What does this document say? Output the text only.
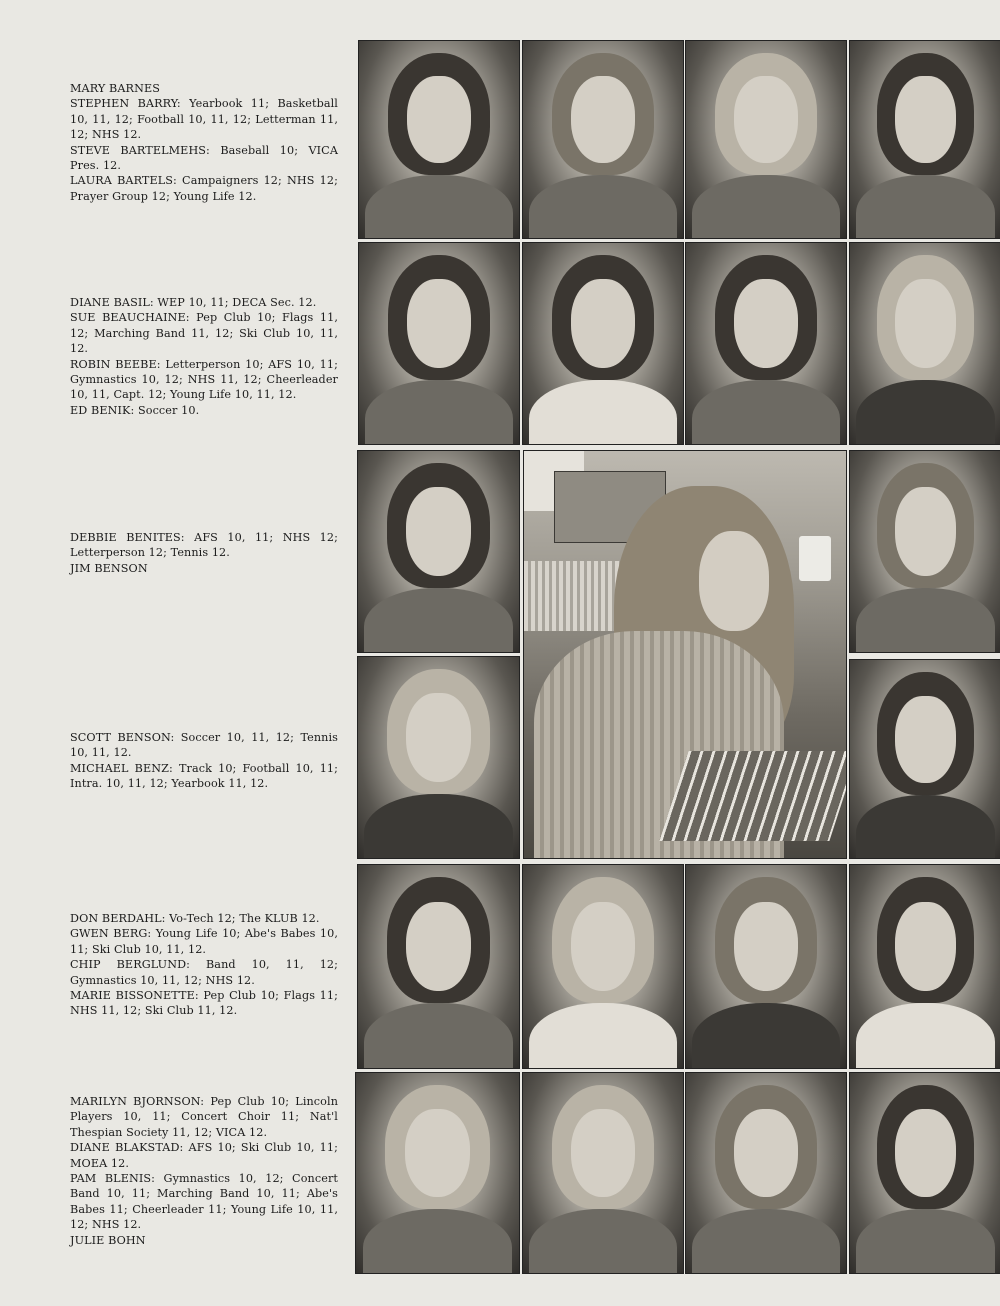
MARY BARNES

STEPHEN BARRY: Yearbook 11; Basketball 10, 11, 12; Football 10, 11, 12; Letterman 11, 12; NHS 12.

STEVE BARTELMEHS: Baseball 10; VICA Pres. 12.

LAURA BARTELS: Campaigners 12; NHS 12; Prayer Group 12; Young Life 12.

DIANE BASIL: WEP 10, 11; DECA Sec. 12.

SUE BEAUCHAINE: Pep Club 10; Flags 11, 12; Marching Band 11, 12; Ski Club 10, 11, 12.

ROBIN BEEBE: Letterperson 10; AFS 10, 11; Gymnastics 10, 12; NHS 11, 12; Cheerleader 10, 11, Capt. 12; Young Life 10, 11, 12.

ED BENIK: Soccer 10.

DEBBIE BENITES: AFS 10, 11; NHS 12; Letterperson 12; Tennis 12.

JIM BENSON

SCOTT BENSON: Soccer 10, 11, 12; Tennis 10, 11, 12.

MICHAEL BENZ: Track 10; Football 10, 11; Intra. 10, 11, 12; Yearbook 11, 12.

DON BERDAHL: Vo-Tech 12; The KLUB 12.

GWEN BERG: Young Life 10; Abe's Babes 10, 11; Ski Club 10, 11, 12.

CHIP BERGLUND: Band 10, 11, 12; Gymnastics 10, 11, 12; NHS 12.

MARIE BISSONETTE: Pep Club 10; Flags 11; NHS 11, 12; Ski Club 11, 12.

MARILYN BJORNSON: Pep Club 10; Lincoln Players 10, 11; Concert Choir 11; Nat'l Thespian Society 11, 12; VICA 12.

DIANE BLAKSTAD: AFS 10; Ski Club 10, 11; MOEA 12.

PAM BLENIS: Gymnastics 10, 12; Concert Band 10, 11; Marching Band 10, 11; Abe's Babes 11; Cheerleader 11; Young Life 10, 11, 12; NHS 12.

JULIE BOHN
